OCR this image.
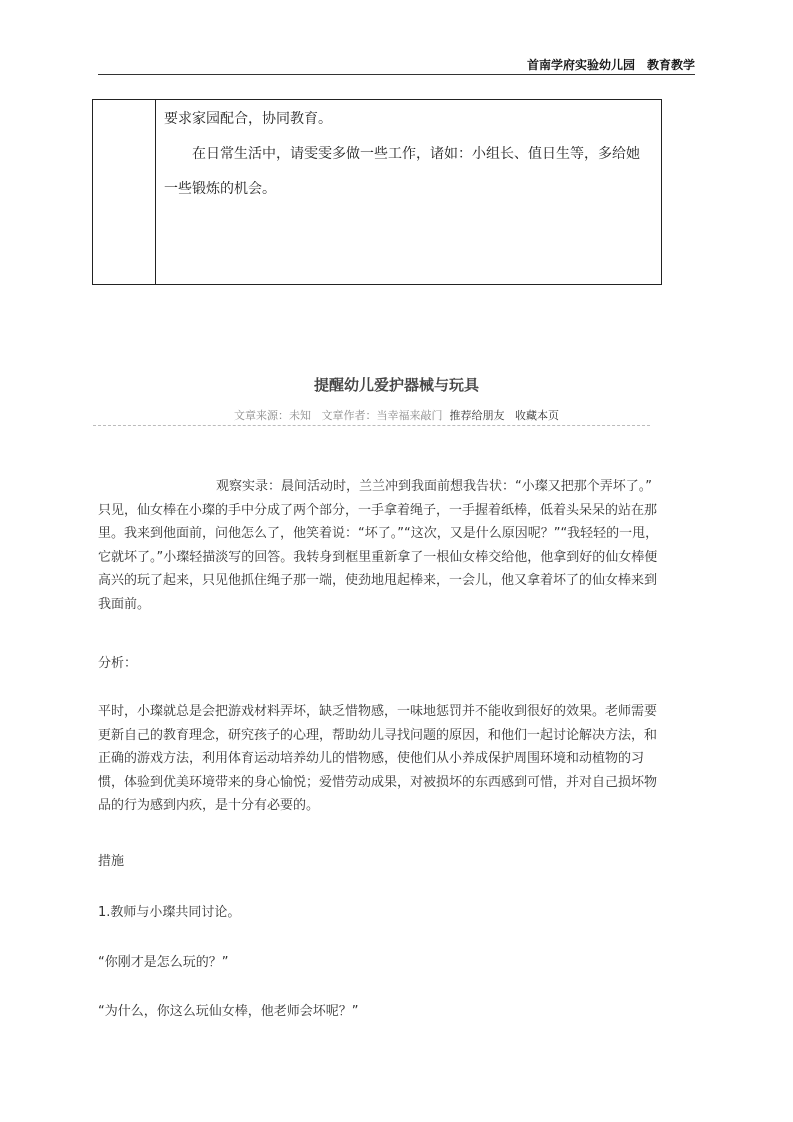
首南学府实验幼儿园　教育教学

要求家园配合，协同教育。

在日常生活中，请雯雯多做一些工作，诸如：小组长、值日生等，多给她一些锻炼的机会。

提醒幼儿爱护器械与玩具
文章来源：未知 文章作者：当幸福来敲门 推荐给朋友 收藏本页

观察实录：晨间活动时，兰兰冲到我面前想我告状：“小璨又把那个弄坏了。” 只见，仙女棒在小璨的手中分成了两个部分，一手拿着绳子，一手握着纸棒，低着头呆呆的站在那里。我来到他面前，问他怎么了，他笑着说：“坏了。”“这次，又是什么原因呢？”“我轻轻的一甩，它就坏了。”小璨轻描淡写的回答。我转身到框里重新拿了一根仙女棒交给他，他拿到好的仙女棒便高兴的玩了起来，只见他抓住绳子那一端，使劲地甩起棒来，一会儿，他又拿着坏了的仙女棒来到我面前。

分析：

平时，小璨就总是会把游戏材料弄坏，缺乏惜物感，一味地惩罚并不能收到很好的效果。老师需要更新自己的教育理念，研究孩子的心理，帮助幼儿寻找问题的原因，和他们一起讨论解决方法，和正确的游戏方法，利用体育运动培养幼儿的惜物感，使他们从小养成保护周围环境和动植物的习惯，体验到优美环境带来的身心愉悦；爱惜劳动成果，对被损坏的东西感到可惜，并对自己损坏物品的行为感到内疚，是十分有必要的。

措施

1.教师与小璨共同讨论。

“你刚才是怎么玩的？”

“为什么，你这么玩仙女棒，他老师会坏呢？”
